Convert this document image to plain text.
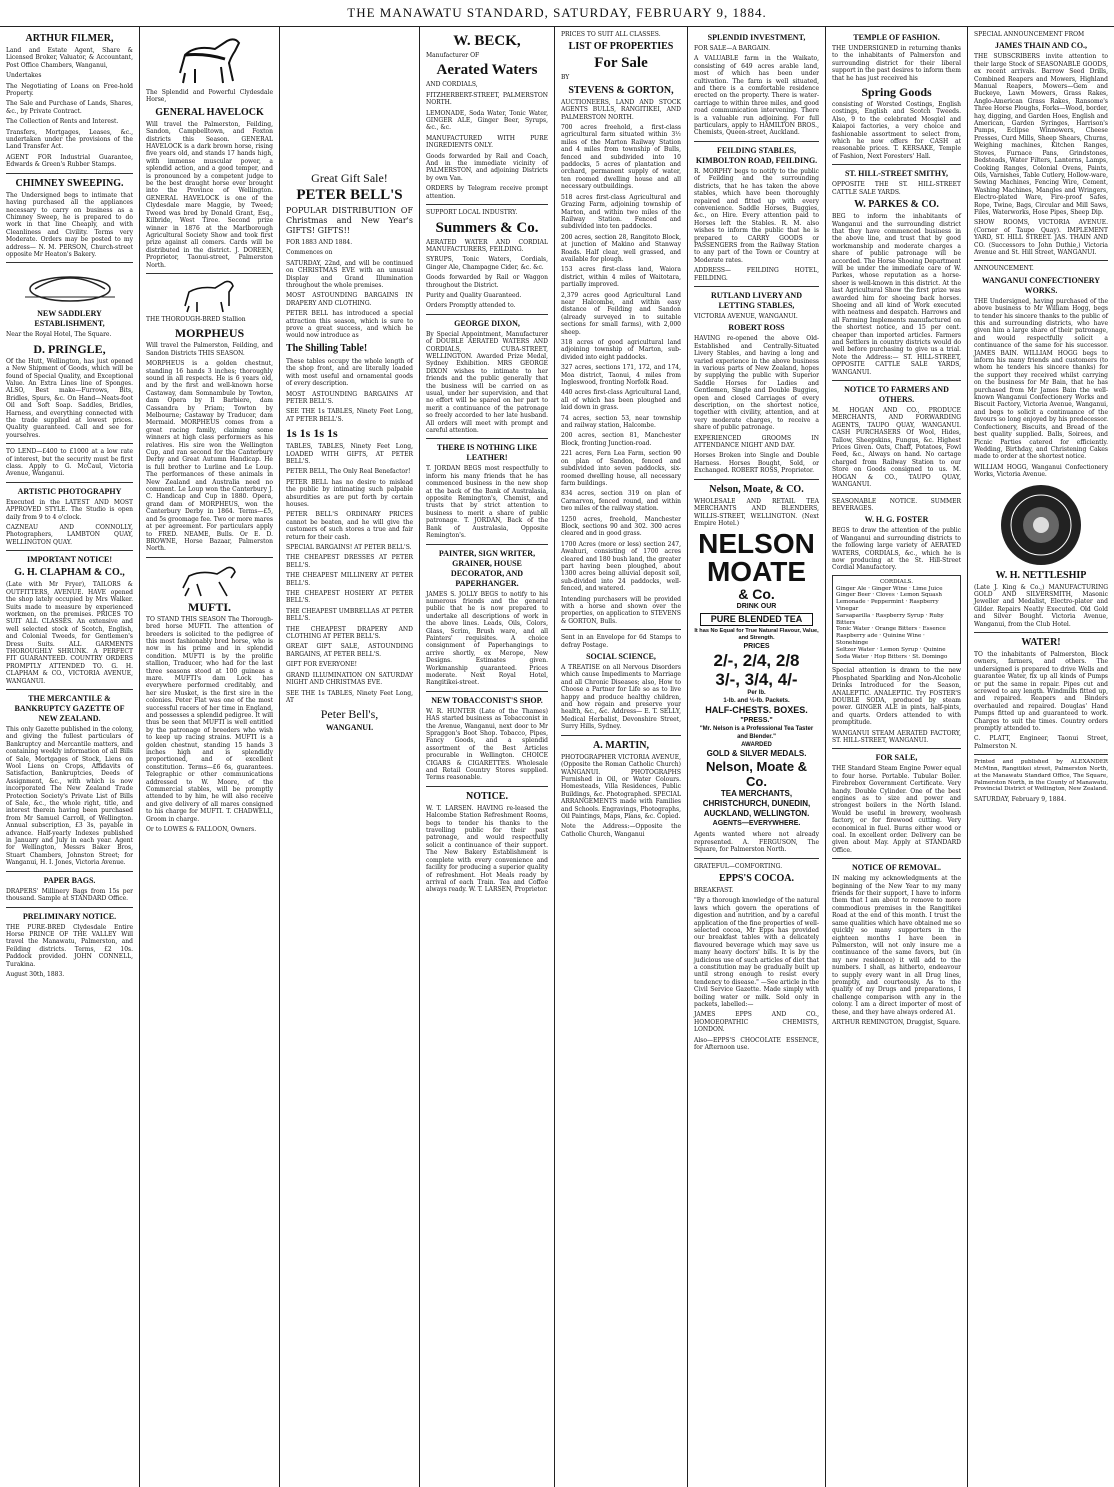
THE MANAWATU STANDARD, SATURDAY, FEBRUARY 9, 1884.
ARTHUR FILMER,

Land and Estate Agent, Share & Licensed Broker, Valuator, & Accountant, Post Office Chambers, Wanganui,

Undertakes

The Negotiating of Loans on Free-hold Property.

The Sale and Purchase of Lands, Shares, &c., by Private Contract.

The Collection of Rents and Interest.

Transfers, Mortgages, Leases, &c., undertaken under the provisions of the Land Transfer Act.

AGENT FOR Industrial Guarantee, Edwards & Green's Rubber Stamps.

CHIMNEY SWEEPING.

The Undersigned begs to intimate that having purchased all the appliances necessary to carry on business as a Chimney Sweep, he is prepared to do work in that line Cheaply, and with Cleanliness and Civility. Terms very Moderate. Orders may be posted to my address— N. M. PERSON, Church-street opposite Mr Heaton's Bakery.

NEW SADDLERY ESTABLISHMENT,

Near the Royal Hotel, The Square.

D. PRINGLE,

Of the Hutt, Wellington, has just opened a New Shipment of Goods, which will be found of Special Quality, and Exceptional Value. An Extra Lines line of Sponges. ALSO, Best make—Furrows, Bits, Bridles, Spurs, &c. On Hand—Neats-foot Oil and Soft Soap. Saddles, Bridles, Harness, and everything connected with the trade supplied at lowest prices. Quality guaranteed. Call and see for yourselves.

TO LEND—£400 to £1000 at a low rate of interest, but the security must be first class. Apply to G. McCaul, Victoria Avenue, Wanganui.

ARTISTIC PHOTOGRAPHY

Executed in the LATEST AND MOST APPROVED STYLE. The Studio is open daily from 9 to 4 o'clock.

CAZNEAU AND CONNOLLY, Photographers, LAMBTON QUAY, WELLINGTON QUAY.

IMPORTANT NOTICE!
G. H. CLAPHAM & CO.,

(Late with Mr Fryer), TAILORS & OUTFITTERS, AVENUE. HAVE opened the shop lately occupied by Mrs Walker. Suits made to measure by experienced workmen, on the premises. PRICES TO SUIT ALL CLASSES. An extensive and well selected stock of Scotch, English, and Colonial Tweeds, for Gentlemen's Dress Suits. ALL GARMENTS THOROUGHLY SHRUNK. A PERFECT FIT GUARANTEED. COUNTRY ORDERS PROMPTLY ATTENDED TO. G. H. CLAPHAM & CO., VICTORIA AVENUE, WANGANUI.

THE MERCANTILE & BANKRUPTCY GAZETTE OF NEW ZEALAND.

This only Gazette published in the colony, and giving the fullest particulars of Bankruptcy and Mercantile matters, and containing weekly information of all Bills of Sale, Mortgages of Stock, Liens on Wool Liens on Crops, Affidavits of Satisfaction, Bankruptcies, Deeds of Assignment, &c., with which is now incorporated The New Zealand Trade Protection Society's Private List of Bills of Sale, &c., the whole right, title, and interest therein having been purchased from Mr Samuel Carroll, of Wellington. Annual subscription, £3 3s, payable in advance. Half-yearly Indexes published in January and July in each year. Agent for Wellington, Messrs Baker Bros, Stuart Chambers, Johnston Street; for Wanganui, H. I. Jones, Victoria Avenue.

PAPER BAGS.

DRAPERS' Millinery Bags from 15s per thousand. Sample at STANDARD Office.

PRELIMINARY NOTICE.

THE PURE-BRED Clydesdale Entire Horse PRINCE OF THE VALLEY Will travel the Manawatu, Palmerston, and Feilding districts. Terms, £2 10s. Paddock provided. JOHN CONNELL, Turakina.

August 30th, 1883.

The Splendid and Powerful Clydesdale Horse,

GENERAL HAVELOCK

Will travel the Palmerston, Feilding, Sandon, Campbelltown, and Foxton districts this Season. GENERAL HAVELOCK is a dark brown horse, rising five years old, and stands 17 hands high, with immense muscular power, a splendid action, and a good temper, and is pronounced by a competent judge to be the best draught horse ever brought into the Province of Wellington. GENERAL HAVELOCK is one of the Clydesdale mare Maggie, by Tweed; Tweed was bred by Donald Grant, Esq., Kilbride, West Tiree. Second prize winner in 1876 at the Marlborough Agricultural Society Show and took first prize against all comers. Cards will be distributed in the district. J. DOREEN, Proprietor, Taonui-street, Palmerston North.

THE THOROUGH-BRED Stallion

MORPHEUS

Will travel the Palmerston, Feilding, and Sandon Districts THIS SEASON.

MORPHEUS is a golden chestnut, standing 16 hands 3 inches; thoroughly sound in all respects. He is 6 years old, and by the first and well-known horse Castaway, dam Somnambule by Towton, dam Opera by Il Barbiere, dam Cassandra by Priam; Towton by Melbourne; Castaway by Traducer, dam Mermaid. MORPHEUS comes from a great racing family, claiming some winners at high class performers as his relatives. His sire won the Wellington Cup, and ran second for the Canterbury Derby and Great Autumn Handicap. He is full brother to Lurline and Le Loup. The performances of these animals in New Zealand and Australia need no comment. Le Loup won the Canterbury J. C. Handicap and Cup in 1880. Opera, grand dam of MORPHEUS, won the Canterbury Derby in 1864. Terms—£5, and 5s groomage fee. Two or more mares at per agreement. For particulars apply to FRED. NEAME, Bulls. Or E. D. BROWNE, Horse Bazaar, Palmerston North.

MUFTI.

TO STAND THIS SEASON The Thorough-bred horse MUFTI. The attention of breeders is solicited to the pedigree of this most fashionably bred horse, who is now in his prime and in splendid condition. MUFTI is by the prolific stallion, Traducer, who had for the last three seasons stood at 100 guineas a mare. MUFTI's dam Lock has everywhere performed creditably, and her sire Musket, is the first sire in the colonies. Peter Flat was one of the most successful racers of her time in England, and possesses a splendid pedigree. It will thus be seen that MUFTI is well entitled by the patronage of breeders who wish to keep up racing strains. MUFTI is a golden chestnut, standing 15 hands 3 inches high and is splendidly proportioned, and of excellent constitution. Terms—£6 6s, guarantees. Telegraphic or other communications addressed to W. Moore, of the Commercial stables, will be promptly attended to by him, he will also receive and give delivery of all mares consigned to his charge for MUFTI. T. CHADWELL, Groom in charge.

Or to LOWES & FALLOON, Owners.

Great Gift Sale!
PETER BELL'S

POPULAR DISTRIBUTION OF Christmas and New Year's GIFTS! GIFTS!!

FOR 1883 AND 1884.

Commences on

SATURDAY, 22nd, and will be continued on CHRISTMAS EVE with an unusual Display and Grand Illumination throughout the whole premises.

MOST ASTOUNDING BARGAINS IN DRAPERY AND CLOTHING.

PETER BELL has introduced a special attraction this season, which is sure to prove a great success, and which he would now introduce as

The Shilling Table!

These tables occupy the whole length of the shop front, and are literally loaded with most useful and ornamental goods of every description.

MOST ASTOUNDING BARGAINS AT PETER BELL'S.

SEE THE 1s TABLES, Ninety Feet Long, AT PETER BELL'S.

1s 1s 1s 1s

TABLES, TABLES, Ninety Feet Long, LOADED WITH GIFTS, AT PETER BELL'S.

PETER BELL, The Only Real Benefactor!

PETER BELL has no desire to mislead the public by intimating such palpable absurdities as are put forth by certain houses.

PETER BELL'S ORDINARY PRICES cannot be beaten, and he will give the customers of such stores a true and fair return for their cash.

SPECIAL BARGAINS! AT PETER BELL'S.

THE CHEAPEST DRESSES AT PETER BELL'S.

THE CHEAPEST MILLINERY AT PETER BELL'S.

THE CHEAPEST HOSIERY AT PETER BELL'S.

THE CHEAPEST UMBRELLAS AT PETER BELL'S.

THE CHEAPEST DRAPERY AND CLOTHING AT PETER BELL'S.

GREAT GIFT SALE, ASTOUNDING BARGAINS, AT PETER BELL'S.

GIFT FOR EVERYONE!

GRAND ILLUMINATION ON SATURDAY NIGHT AND CHRISTMAS EVE.

SEE THE 1s TABLES, Ninety Feet Long, AT

Peter Bell's,
WANGANUI.
W. BECK,

Manufacturer OF

Aerated Waters

AND CORDIALS,

FITZHERBERT-STREET, PALMERSTON NORTH.

LEMONADE, Soda Water, Tonic Water, GINGER ALE, Ginger Beer, Syrups, &c., &c.

MANUFACTURED WITH PURE INGREDIENTS ONLY.

Goods forwarded by Rail and Coach, And in the immediate vicinity of PALMERSTON, and adjoining Districts by own Van.

ORDERS by Telegram receive prompt attention.

SUPPORT LOCAL INDUSTRY.

Summers & Co.

AERATED WATER AND CORDIAL MANUFACTURERS, FEILDING.

SYRUPS, Tonic Waters, Cordials, Ginger Ale, Champagne Cider, &c. &c.

Goods forwarded by Rail or Waggon throughout the District.

Purity and Quality Guaranteed.

Orders Promptly attended to.

GEORGE DIXON,

By Special Appointment, Manufacturer of DOUBLE AERATED WATERS AND CORDIALS, CUBA-STREET, WELLINGTON. Awarded Prize Medal, Sydney Exhibition. MRS GEORGE DIXON wishes to intimate to her friends and the public generally that the business will be carried on as usual, under her supervision, and that no effort will be spared on her part to merit a continuance of the patronage so freely accorded to her late husband. All orders will meet with prompt and careful attention.

THERE IS NOTHING LIKE LEATHER!

T. JORDAN BEGS most respectfully to inform his many friends that he has commenced business in the new shop at the back of the Bank of Australasia, opposite Remington's, Chemist, and trusts that by strict attention to business to merit a share of public patronage. T. JORDAN, Back of the Bank of Australasia, Opposite Remington's.

PAINTER, SIGN WRITER, GRAINER, HOUSE DECORATOR, AND PAPERHANGER.

JAMES S. JOLLY BEGS to notify to his numerous friends and the general public that he is now prepared to undertake all descriptions of work in the above lines. Leads, Oils, Colors, Glass, Scrim, Brush ware, and all Painters' requisites. A choice consignment of Paperhangings to arrive shortly, ex Merope, New Designs. Estimates given. Workmanship guaranteed. Prices moderate. Next Royal Hotel, Rangitikei-street.

NEW TOBACCONIST'S SHOP.

W. R. HUNTER (Late of the Thames) HAS started business as Tobacconist in the Avenue, Wanganui, next door to Mr Spraggon's Boot Shop. Tobacco, Pipes, Fancy Goods, and a splendid assortment of the Best Articles procurable in Wellington. CHOICE CIGARS & CIGARETTES. Wholesale and Retail Country Stores supplied. Terms reasonable.

NOTICE.

W. T. LARSEN. HAVING re-leased the Halcombe Station Refreshment Rooms, begs to tender his thanks to the travelling public for their past patronage, and would respectfully solicit a continuance of their support. The New Bakery Establishment is complete with every convenience and facility for producing a superior quality of refreshment. Hot Meals ready by arrival of each Train. Tea and Coffee always ready. W. T. LARSEN, Proprietor.

PRICES TO SUIT ALL CLASSES.

LIST OF PROPERTIES
For Sale

BY

STEVENS & GORTON,

AUCTIONEERS, LAND AND STOCK AGENTS BULLS, RANGITIKEI, AND PALMERSTON NORTH.

700 acres freehold, a first-class agricultural farm situated within 3½ miles of the Marton Railway Station and 4 miles from township of Bulls, fenced and subdivided into 10 paddocks, 5 acres of plantation and orchard, permanent supply of water, ten roomed dwelling house and all necessary outbuildings.

518 acres first-class Agricultural and Grazing Farm, adjoining township of Marton, and within two miles of the Railway Station. Fenced and subdivided into ten paddocks.

200 acres, section 28, Rangitoto Block, at junction of Makino and Stanway Roads. Half clear, well grassed, and available for plough.

153 acres first-class land, Waiora district, within 4 miles of Waitotara, partially improved.

2,379 acres good Agricultural Land near Halcombe, and within easy distance of Feilding and Sandon (already surveyed in to suitable sections for small farms), with 2,000 sheep.

318 acres of good agricultural land adjoining township of Marton, sub-divided into eight paddocks.

327 acres, sections 171, 172, and 174, Moa district, Taonui, 4 miles from Ingleswood, fronting Norfolk Road.

440 acres first-class Agricultural Land, all of which has been ploughed and laid down in grass.

74 acres, section 53, near township and railway station, Halcombe.

200 acres, section 81, Manchester Block, fronting Junction-road.

221 acres, Fern Lea Farm, section 90 on plan of Sandon, fenced and subdivided into seven paddocks, six-roomed dwelling house, all necessary farm buildings.

834 acres, section 319 on plan of Carnarvon, fenced round, and within two miles of the railway station.

1250 acres, freehold, Manchester Block, sections 90 and 302. 300 acres cleared and in good grass.

1700 Acres (more or less) section 247, Awahuri, consisting of 1700 acres cleared and 180 bush land, the greater part having been ploughed, about 1300 acres being alluvial deposit soil, sub-divided into 24 paddocks, well-fenced, and watered.

Intending purchasers will be provided with a horse and shown over the properties, on application to STEVENS & GORTON, Bulls.

Sent in an Envelope for 6d Stamps to defray Postage.

SOCIAL SCIENCE,

A TREATISE on all Nervous Disorders which cause Impediments to Marriage and all Chronic Diseases; also, How to Choose a Partner for Life so as to live happy and produce healthy children, and how regain and preserve your health, &c., &c. Address— E. T. SELLY, Medical Herbalist, Devonshire Street, Surry Hills, Sydney.

A. MARTIN,

PHOTOGRAPHER VICTORIA AVENUE, (Opposite the Roman Catholic Church) WANGANUI. PHOTOGRAPHS Furnished in Oil, or Water Colours. Homesteads, Villa Residences, Public Buildings, &c. Photographed. SPECIAL ARRANGEMENTS made with Families and Schools. Engravings, Photographs, Oil Paintings, Maps, Plans, &c. Copied.

Note the Address:—Opposite the Catholic Church, Wanganui

SPLENDID INVESTMENT,

FOR SALE—A BARGAIN.

A VALUABLE farm in the Waikato, consisting of 649 acres arable land, most of which has been under cultivation. The farm is well situated, and there is a comfortable residence erected on the property. There is water-carriage to within three miles, and good road communication intervening. There is a valuable run adjoining. For full particulars, apply to HAMILTON BROS., Chemists, Queen-street, Auckland.

FEILDING STABLES, KIMBOLTON ROAD, FEILDING.

R. MORPHY begs to notify to the public of Feilding and the surrounding districts, that he has taken the above stables, which have been thoroughly repaired and fitted up with every convenience. Saddle Horses, Buggies, &c., on Hire. Every attention paid to Horses left the Stables. R. M. also wishes to inform the public that he is prepared to CARRY GOODS or PASSENGERS from the Railway Station to any part of the Town or Country at Moderate rates.

ADDRESS— FEILDING HOTEL, FEILDING.

RUTLAND LIVERY AND LETTING STABLES,

VICTORIA AVENUE, WANGANUI.

ROBERT ROSS

HAVING re-opened the above Old-Established and Centrally-Situated Livery Stables, and having a long and varied experience in the above business in various parts of New Zealand, hopes by supplying the public with Superior Saddle Horses for Ladies and Gentlemen, Single and Double Buggies, open and closed Carriages of every description, on the shortest notice, together with civility, attention, and at very moderate charges, to receive a share of public patronage.

EXPERIENCED GROOMS IN ATTENDANCE NIGHT AND DAY.

Horses Broken into Single and Double Harness. Horses Bought, Sold, or Exchanged. ROBERT ROSS, Proprietor.

Nelson, Moate, & CO.

WHOLESALE AND RETAIL TEA MERCHANTS AND BLENDERS, WILLIS-STREET, WELLINGTON. (Next Empire Hotel.)

NELSON
MOATE
& Co.
DRINK OUR
PURE BLENDED TEA
It has No Equal for True Natural Flavour, Value, and Strength.
PRICES
2/-, 2/4, 2/8
3/-, 3/4, 4/-
Per lb.
1-lb. and ½-lb. Packets.
HALF-CHESTS. BOXES.
"PRESS."
"Mr. Nelson is a Professional Tea Taster and Blender."
AWARDED
GOLD & SILVER MEDALS.
Nelson, Moate & Co.
TEA MERCHANTS,
CHRISTCHURCH, DUNEDIN, AUCKLAND, WELLINGTON.
AGENTS—EVERYWHERE.

Agents wanted where not already represented. A. FERGUSON, The Square, for Palmerston North.

GRATEFUL—COMFORTING.

EPPS'S COCOA.

BREAKFAST.

"By a thorough knowledge of the natural laws which govern the operations of digestion and nutrition, and by a careful application of the fine properties of well-selected cocoa, Mr Epps has provided our breakfast tables with a delicately flavoured beverage which may save us many heavy doctors' bills. It is by the judicious use of such articles of diet that a constitution may be gradually built up until strong enough to resist every tendency to disease." —See article in the Civil Service Gazette. Made simply with boiling water or milk. Sold only in packets, labelled:—

JAMES EPPS AND CO., HOMOEOPATHIC CHEMISTS, LONDON.

Also—EPPS'S CHOCOLATE ESSENCE, for Afternoon use.

TEMPLE OF FASHION.

THE UNDERSIGNED in returning thanks to the inhabitants of Palmerston and surrounding district for their liberal support in the past desires to inform them that he has just received his

Spring Goods

consisting of Worsted Costings, English costings, English and Scotch Tweeds. Also, 9 to the celebrated Mosgiel and Kaiapoi factories, a very choice and fashionable assortment to select from, which he now offers for CASH at reasonable prices. T. KERSAKE, Temple of Fashion, Next Foresters' Hall.

ST. HILL-STREET SMITHY,

OPPOSITE THE ST. HILL-STREET CATTLE SALE YARDS.

W. PARKES & CO.

BEG to inform the inhabitants of Wanganui and the surrounding district that they have commenced business in the above line, and trust that by good workmanship and moderate charges a share of public patronage will be accorded. The Horse Shoeing Department will be under the immediate care of W. Parkes, whose reputation as a horse-shoer is well-known in this district. At the last Agricultural Show the first prize was awarded him for shoeing back horses. Shoeing and all kind of Work executed with neatness and despatch. Harrows and all Farming Implements manufactured on the shortest notice, and 15 per cent. cheaper than imported articles. Farmers and Settlers in country districts would do well before purchasing to give us a trial. Note the Address:— ST. HILL-STREET, OPPOSITE CATTLE SALE YARDS, WANGANUI.

NOTICE TO FARMERS AND OTHERS.

M. HOGAN AND CO., PRODUCE MERCHANTS, AND FORWARDING AGENTS, TAUPO QUAY, WANGANUI. CASH PURCHASERS Of Wool, Hides, Tallow, Sheepskins, Fungus, &c. Highest Prices Given. Oats, Chaff, Potatoes, Fowl Feed, &c., Always on hand. No cartage charged from Railway Station to our Store on Goods consigned to us. M. HOGAN & CO., TAUPO QUAY, WANGANUI.

SEASONABLE NOTICE. SUMMER BEVERAGES.

W. H. G. FOSTER

BEGS to draw the attention of the public of Wanganui and surrounding districts to the following large variety of AERATED WATERS, CORDIALS, &c., which he is now producing at the St. Hill-Street Cordial Manufactory.

CORDIALS.
Ginger Ale · Ginger Wine · Lime Juice
Ginger Beer · Cloves · Lemon Squash
Lemonade · Peppermint · Raspberry Vinegar
Sarsaparilla · Raspberry Syrup · Ruby Bitters
Tonic Water · Orange Bitters · Essence
Raspberry ade · Quinine Wine · Stonehinge
Seltzer Water · Lemon Syrup · Quinine
Soda Water · Hop Bitters · St. Domingo

Special attention is drawn to the new Phosphated Sparkling and Non-Alcoholic Drinks Introduced for the Season, ANALEPTIC. ANALEPTIC. Try FOSTER'S DOUBLE SODA, produced by steam power. GINGER ALE in pints, half-pints, and quarts. Orders attended to with promptitude.

WANGANUI STEAM AERATED FACTORY, ST. HILL-STREET, WANGANUI.

FOR SALE,

THE Standard Steam Engine Power equal to four horse. Portable. Tubular Boiler. Firebrebox Government Certificate. Very handy. Double Cylinder. One of the best engines as to size and power and strongest boilers in the North Island. Would be useful in brewery, woolwash factory, or for firewood cutting. Very economical in fuel. Burns either wood or coal. In excellent order. Delivery can be given about May. Apply at STANDARD Office.

NOTICE OF REMOVAL.

IN making my acknowledgments at the beginning of the New Year to my many friends for their support, I have to inform them that I am about to remove to more commodious premises in the Rangitikei Road at the end of this month. I trust the same qualities which have obtained me so quickly so many supporters in the eighteen months I have been in Palmerston, will not only insure me a continuance of the same favors, but (in my new residence) it will add to the numbers. I shall, as hitherto, endeavour to supply every want in all Drug lines, promptly, and courteously. As to the quality of my Drugs and preparations, I challenge comparison with any in the colony. I am a direct importer of most of these, and they have always ordered A1.

ARTHUR REMINGTON, Druggist, Square.

SPECIAL ANNOUNCEMENT FROM

JAMES THAIN AND CO.,

THE SUBSCRIBERS invite attention to their large Stock of SEASONABLE GOODS, ex recent arrivals. Barrow Seed Drills, Combined Reapers and Mowers, Highland Manual Reapers, Mowers—Gem and Buckeye, Lawn Mowers, Grass Rakes, Anglo-American Grass Rakes, Ransome's Three Horse Ploughs, Forks—Wood, border, hay, digging, and Garden Hoes, English and American, Garden Syringes, Harrison's Pumps, Eclipse Winnowers, Cheese Presses, Curd Mills, Sheep Shears, Churns, Weighing machines, Kitchen Ranges, Stoves, Furnace Pans, Grindstones, Bedsteads, Water Filters, Lanterns, Lamps, Cooking Ranges, Colonial Ovens, Paints, Oils, Varnishes, Table Cutlery, Hollow-ware, Sewing Machines, Fencing Wire, Cement, Washing Machines, Mangles and Wringers, Electro-plated Ware, Fire-proof Safes, Rope, Twine, Bags, Circular and Mill Saws, Files, Waterworks, Hose Pipes, Sheep Dip.

SHOW ROOMS, VICTORIA AVENUE. (Corner of Taupo Quay). IMPLEMENT YARD, ST. HILL STREET. JAS. THAIN AND CO. (Successors to John Duthie,) Victoria Avenue and St. Hill Street, WANGANUI.

ANNOUNCEMENT.

WANGANUI CONFECTIONERY WORKS.

THE Undersigned, having purchased of the above business to Mr William Hogg, begs to tender his sincere thanks to the public of this and surrounding districts, who have given him a large share of their patronage, and would respectfully solicit a continuance of the same for his successor. JAMES BAIN. WILLIAM HOGG begs to inform his many friends and customers (to whom he tenders his sincere thanks) for the support they received whilst carrying on the business for Mr Bain, that he has purchased from Mr James Bain the well-known Wanganui Confectionery Works and Biscuit Factory, Victoria Avenue, Wanganui, and begs to solicit a continuance of the favours so long enjoyed by his predecessor. Confectionery, Biscuits, and Bread of the best quality supplied. Balls, Soirees, and Picnic Parties catered for efficiently. Wedding, Birthday, and Christening Cakes made to order at the shortest notice.

WILLIAM HOGG, Wanganui Confectionery Works, Victoria Avenue.

W. H. NETTLESHIP

(Late J. King & Co.,) MANUFACTURING GOLD AND SILVERSMITH, Masonic Jeweller and Medalist, Electro-plater and Gilder. Repairs Neatly Executed. Old Gold and Silver Bought. Victoria Avenue, Wanganui, from the Club Hotel.

WATER!

TO the inhabitants of Palmerston, Block owners, farmers, and others. The undersigned is prepared to drive Wells and guarantee Water, fix up all kinds of Pumps or put the same in repair. Pipes cut and screwed to any length. Windmills fitted up, and repaired. Reapers and Binders overhauled and repaired. Douglas' Hand Pumps fitted up and guaranteed to work. Charges to suit the times. Country orders promptly attended to.

C. PLATT, Engineer, Taonui Street, Palmerston N.

Printed and published by ALEXANDER McMinn, Rangitikei street, Palmerston North, at the Manawatu Standard Office, The Square, Palmerston North, in the County of Manawatu, Provincial District of Wellington, New Zealand.

SATURDAY, February 9, 1884.
